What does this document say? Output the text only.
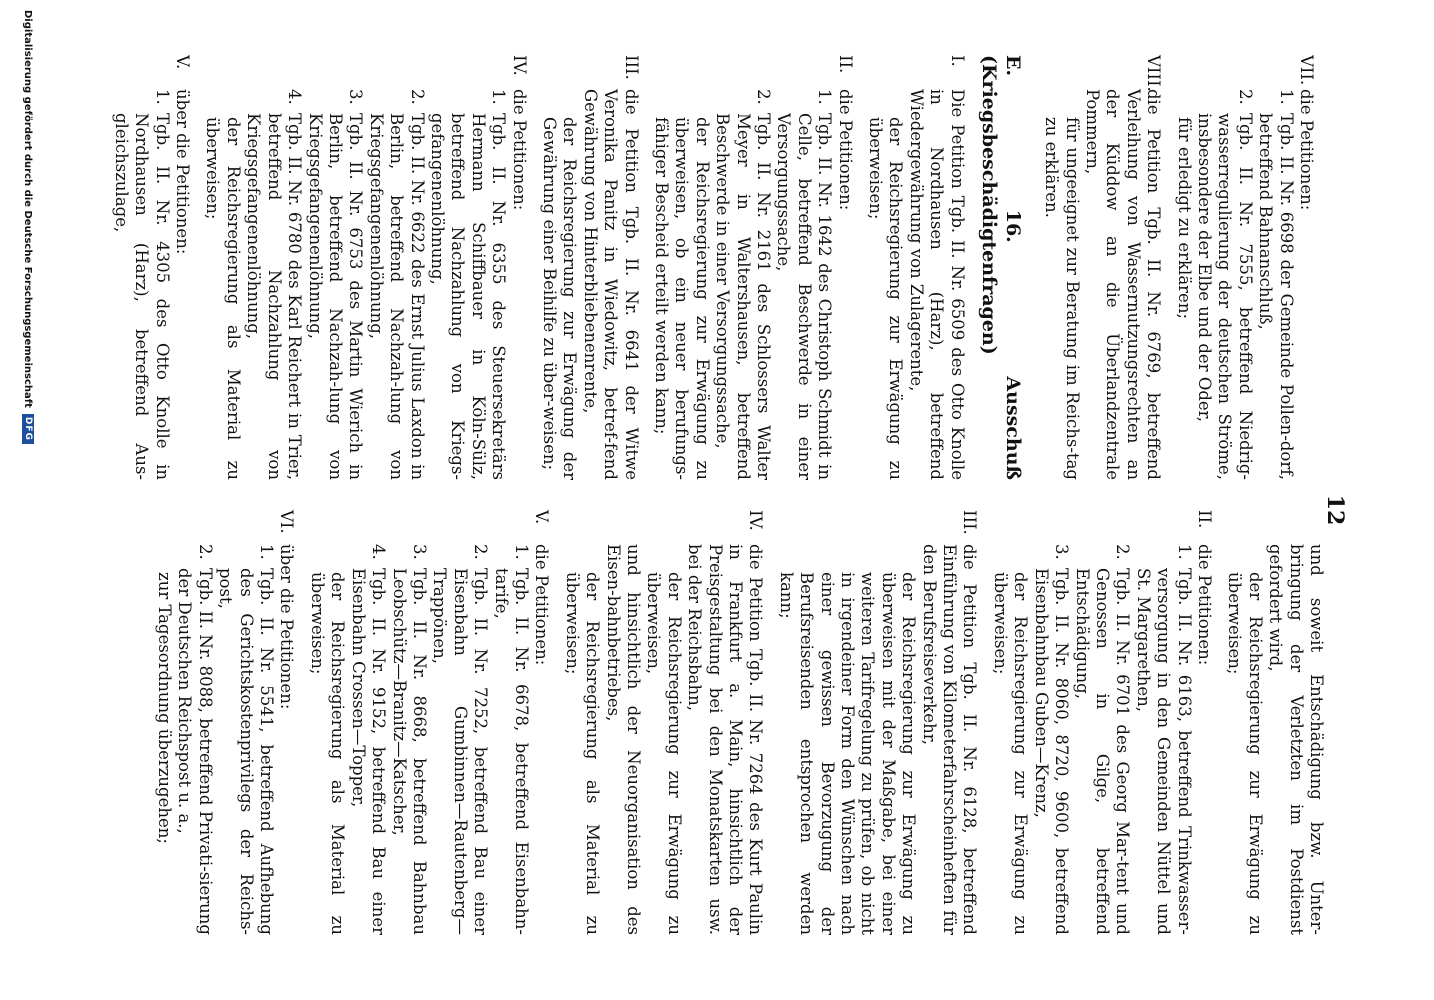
12
und soweit Entschädigung bzw. Unter-bringung der Verletzten im Postdienst gefordert wird,
der Reichsregierung zur Erwägung zu überweisen;
II.
die Petitionen:
1.
Tgb. II. Nr. 6163, betreffend Trinkwasser-versorgung in den Gemeinden Nüttel und St. Margarethen,
2.
Tgb. II. Nr. 6701 des Georg Mar-tent und Genossen in Gilge, betreffend Entschädigung,
3.
Tgb. II. Nr. 8060, 8720, 9600, betreffend Eisenbahnbau Guben—Krenz,
der Reichsregierung zur Erwägung zu überweisen;
III.
die Petition Tgb. II. Nr. 6128, betreffend Einführung von Kilometerfahrscheinheften für den Berufsreiseverkehr,
der Reichsregierung zur Erwägung zu überweisen mit der Maßgabe, bei einer weiteren Tarifregelung zu prüfen, ob nicht in irgendeiner Form den Wünschen nach einer gewissen Bevorzugung der Berufsreisenden entsprochen werden kann;
IV.
die Petition Tgb. II. Nr. 7264 des Kurt Paulin in Frankfurt a. Main, hinsichtlich der Preisgestaltung bei den Monatskarten usw. bei der Reichsbahn,
der Reichsregierung zur Erwägung zu überweisen,
und hinsichtlich der Neuorganisation des Eisen-bahnbetriebes,
der Reichsregierung als Material zu überweisen;
V.
die Petitionen:
1.
Tgb. II. Nr. 6678, betreffend Eisenbahn-tarife,
2.
Tgb. II. Nr. 7252, betreffend Bau einer Eisenbahn Gumbinnen—Rautenberg—Trappönen,
3.
Tgb. II. Nr. 8668, betreffend Bahnbau Leobschütz—Branitz—Katscher,
4.
Tgb. II. Nr. 9152, betreffend Bau einer Eisenbahn Crossen—Topper,
der Reichsregierung als Material zu überweisen;
VI.
über die Petitionen:
1.
Tgb. II. Nr. 5541, betreffend Aufhebung des Gerichtskostenprivilegs der Reichs-post,
2.
Tgb. II. Nr. 8088, betreffend Privati-sierung der Deutschen Reichspost u. a.,
zur Tagesordnung überzugehen;
VII.
die Petitionen:
1.
Tgb. II. Nr. 6698 der Gemeinde Pollen-dorf, betreffend Bahnanschluß,
2.
Tgb. II. Nr. 7555, betreffend Niedrig-wasserregulierung der deutschen Ströme, insbesondere der Elbe und der Oder,
für erledigt zu erklären;
VIII.
die Petition Tgb. II. Nr. 6769, betreffend Verleihung von Wassernutzungsrechten an der Küddow an die Überlandzentrale Pommern,
für ungeeignet zur Beratung im Reichs-tag zu erklären.
E. 16. Ausschuß (Kriegsbeschädigtenfragen)
I.
Die Petition Tgb. II. Nr. 6509 des Otto Knolle in Nordhausen (Harz), betreffend Wiedergewährung von Zulagerente,
der Reichsregierung zur Erwägung zu überweisen;
II.
die Petitionen:
1.
Tgb. II. Nr. 1642 des Christoph Schmidt in Celle, betreffend Beschwerde in einer Versorgungssache,
2.
Tgb. II. Nr. 2161 des Schlossers Walter Meyer in Waltershausen, betreffend Beschwerde in einer Versorgungssache,
der Reichsregierung zur Erwägung zu überweisen, ob ein neuer berufungs-fähiger Bescheid erteilt werden kann;
III.
die Petition Tgb. II. Nr. 6641 der Witwe Veronika Panitz in Wiedowitz, betref-fend Gewährung von Hinterbliebenenrente,
der Reichsregierung zur Erwägung der Gewährung einer Beihilfe zu über-weisen;
IV.
die Petitionen:
1.
Tgb. II. Nr. 6355 des Steuersekretärs Hermann Schiffbauer in Köln-Sülz, betreffend Nachzahlung von Kriegs-gefangenenlöhnung,
2.
Tgb. II. Nr. 6622 des Ernst Julius Laxdon in Berlin, betreffend Nachzah-lung von Kriegsgefangenenlöhnung,
3.
Tgb. II. Nr. 6753 des Martin Wierich in Berlin, betreffend Nachzah-lung von Kriegsgefangenenlöhnung,
4.
Tgb. II. Nr. 6780 des Karl Reichert in Trier, betreffend Nachzahlung von Kriegsgefangenenlöhnung,
der Reichsregierung als Material zu überweisen;
V.
über die Petitionen:
1.
Tgb. II. Nr. 4305 des Otto Knolle in Nordhausen (Harz), betreffend Aus-gleichszulage,
Digitalisierung gefördert durch die Deutsche Forschungsgemeinschaft
DFG
